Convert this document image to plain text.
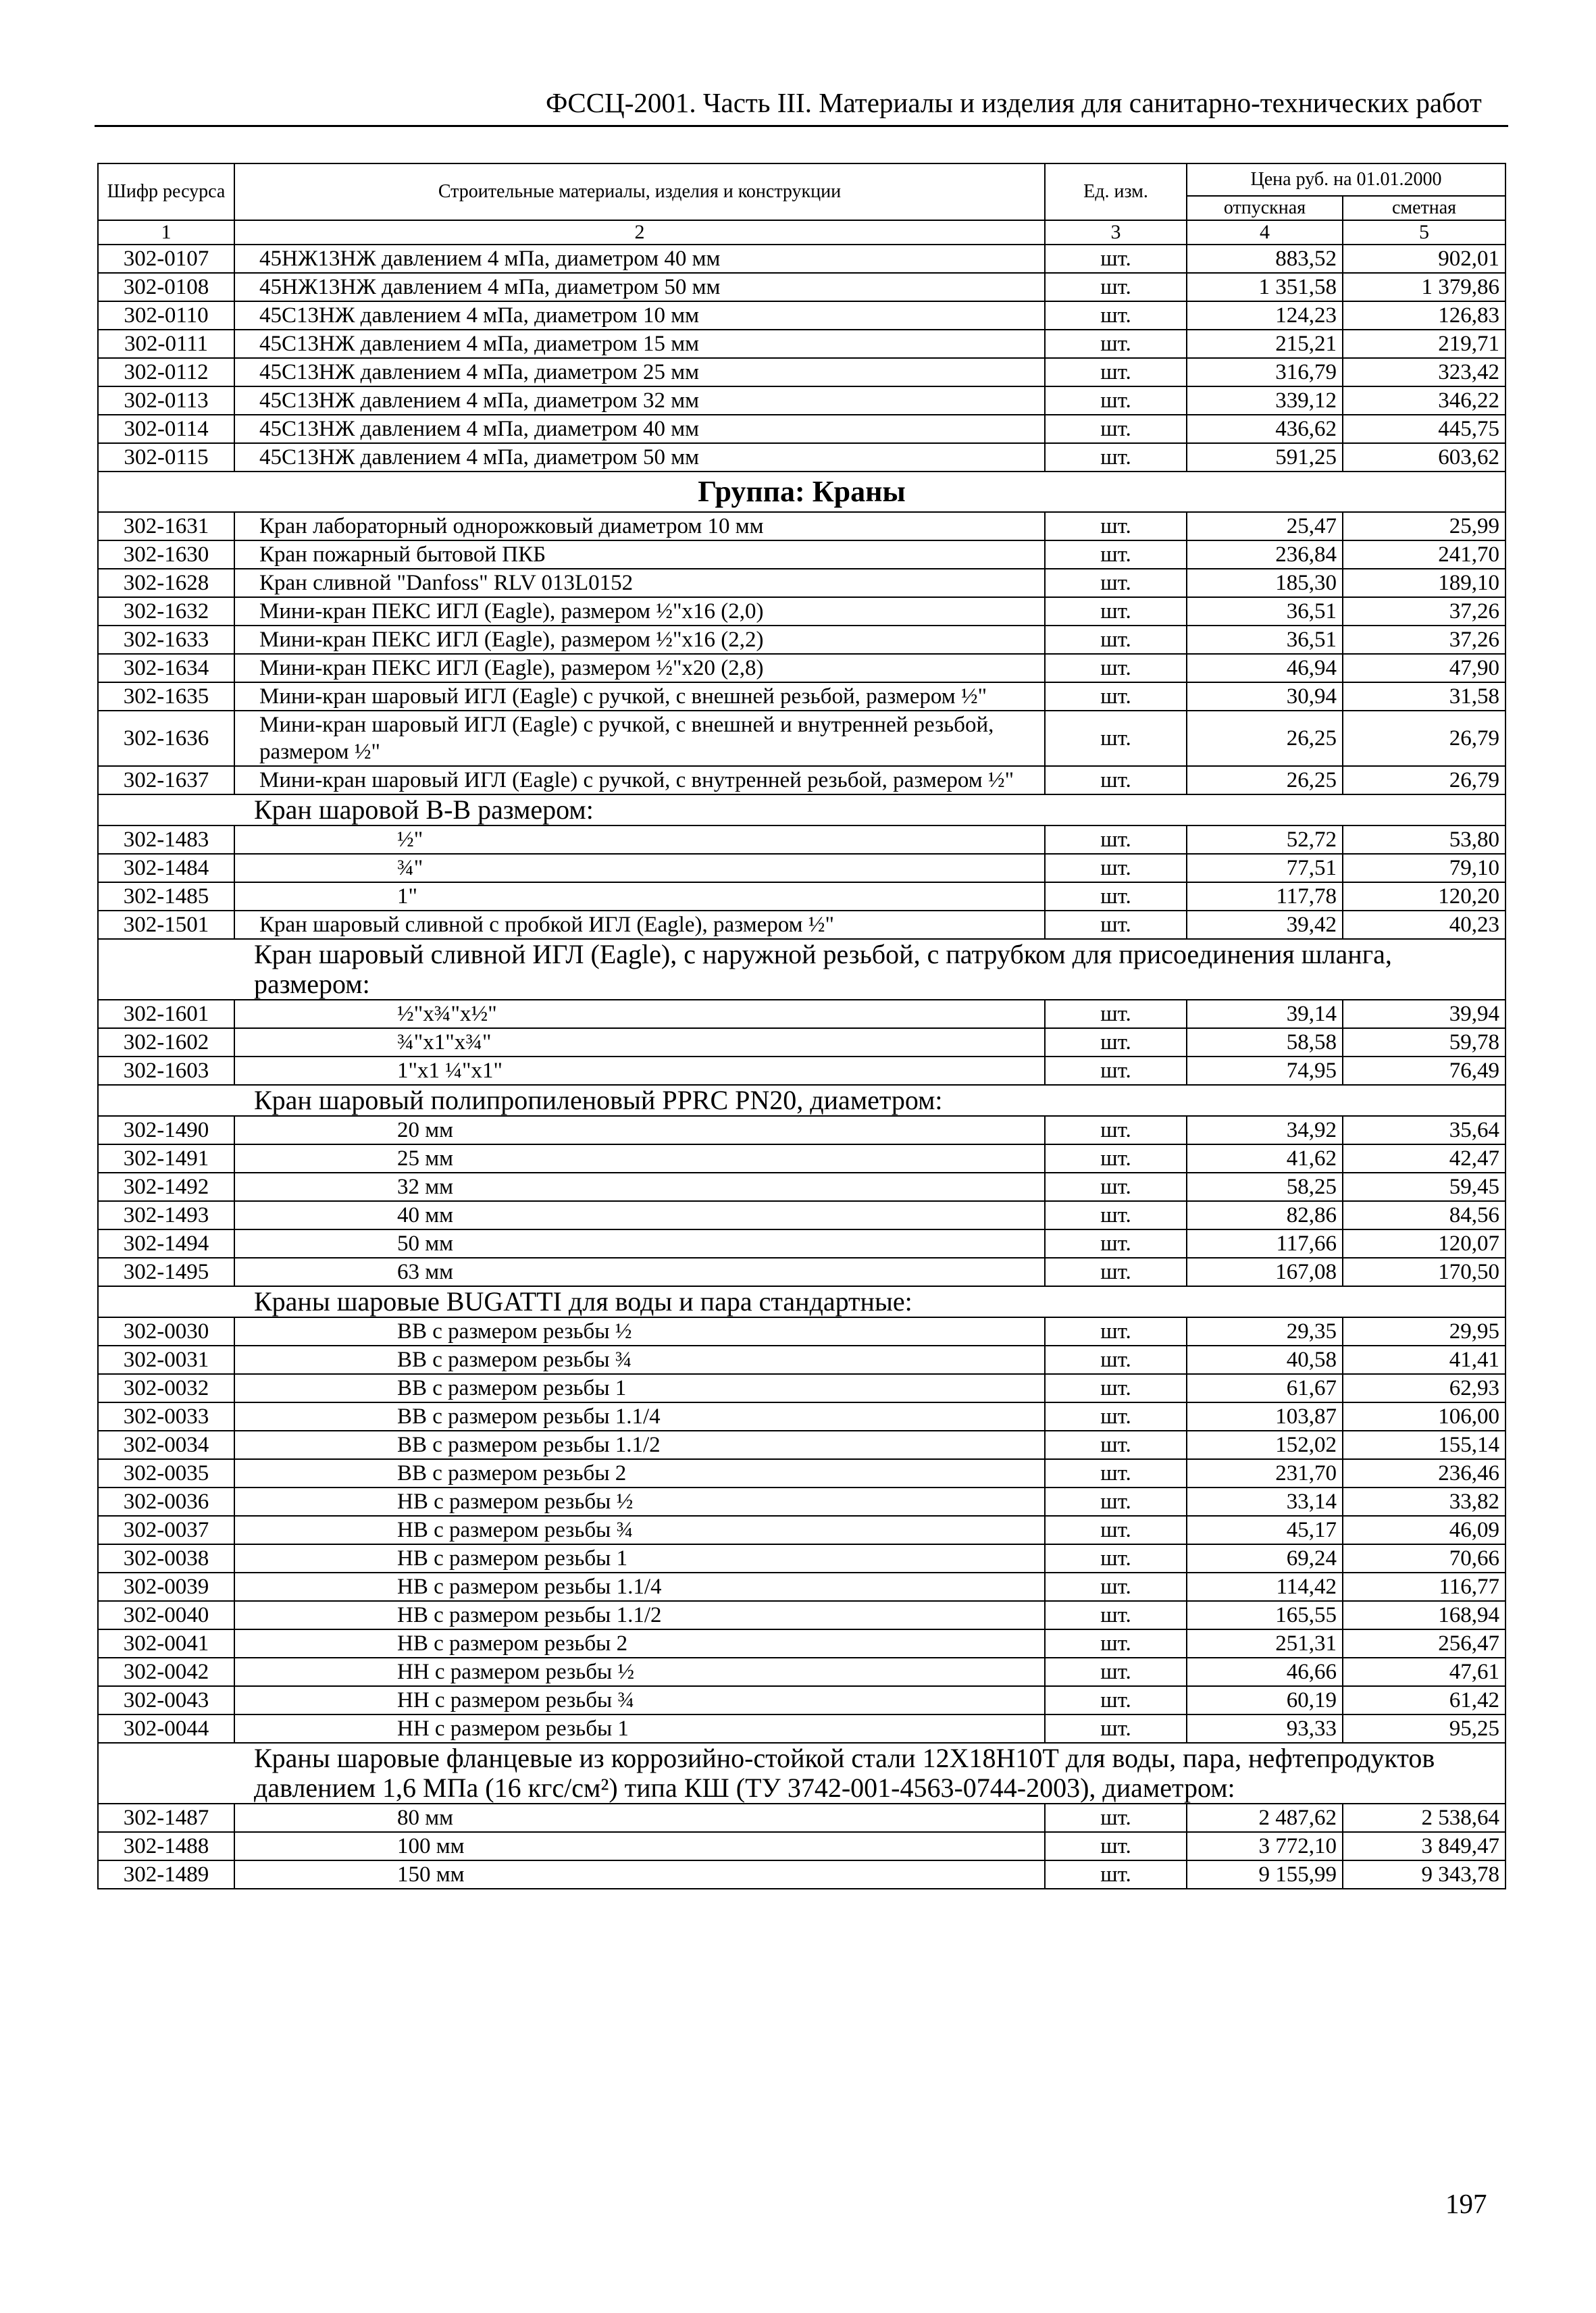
ФССЦ-2001. Часть III. Материалы и изделия для санитарно-технических работ
Шифр ресурса	Строительные материалы, изделия и конструкции	Ед. изм.	Цена руб. на 01.01.2000	
			отпускная	сметная
1	2	3	4	5
302-0107	45НЖ13НЖ давлением 4 мПа, диаметром 40 мм	шт.	883,52	902,01
302-0108	45НЖ13НЖ давлением 4 мПа, диаметром 50 мм	шт.	1 351,58	1 379,86
302-0110	45С13НЖ давлением 4 мПа, диаметром 10 мм	шт.	124,23	126,83
302-0111	45С13НЖ давлением 4 мПа, диаметром 15 мм	шт.	215,21	219,71
302-0112	45С13НЖ давлением 4 мПа, диаметром 25 мм	шт.	316,79	323,42
302-0113	45С13НЖ давлением 4 мПа, диаметром 32 мм	шт.	339,12	346,22
302-0114	45С13НЖ давлением 4 мПа, диаметром 40 мм	шт.	436,62	445,75
302-0115	45С13НЖ давлением 4 мПа, диаметром 50 мм	шт.	591,25	603,62
Группа: Краны				
302-1631	Кран лабораторный однорожковый диаметром 10 мм	шт.	25,47	25,99
302-1630	Кран пожарный бытовой ПКБ	шт.	236,84	241,70
302-1628	Кран сливной "Danfoss" RLV 013L0152	шт.	185,30	189,10
302-1632	Мини-кран ПЕКС ИГЛ (Eagle), размером ½"х16 (2,0)	шт.	36,51	37,26
302-1633	Мини-кран ПЕКС ИГЛ (Eagle), размером ½"х16 (2,2)	шт.	36,51	37,26
302-1634	Мини-кран ПЕКС ИГЛ (Eagle), размером ½"х20 (2,8)	шт.	46,94	47,90
302-1635	Мини-кран шаровый ИГЛ (Eagle) с ручкой, с внешней резьбой, размером ½"	шт.	30,94	31,58
302-1636	Мини-кран шаровый ИГЛ (Eagle) с ручкой, с внешней и внутренней резьбой, размером ½"	шт.	26,25	26,79
302-1637	Мини-кран шаровый ИГЛ (Eagle) с ручкой, с внутренней резьбой, размером ½"	шт.	26,25	26,79
Кран шаровой В-В размером:				
302-1483	½"	шт.	52,72	53,80
302-1484	¾"	шт.	77,51	79,10
302-1485	1"	шт.	117,78	120,20
302-1501	Кран шаровый сливной с пробкой ИГЛ (Eagle), размером ½"	шт.	39,42	40,23
Кран шаровый сливной ИГЛ (Eagle), с наружной резьбой, с патрубком для присоединения шланга, размером:				
302-1601	½"х¾"х½"	шт.	39,14	39,94
302-1602	¾"х1"х¾"	шт.	58,58	59,78
302-1603	1"х1 ¼"х1"	шт.	74,95	76,49
Кран шаровый полипропиленовый PPRC PN20, диаметром:				
302-1490	20 мм	шт.	34,92	35,64
302-1491	25 мм	шт.	41,62	42,47
302-1492	32 мм	шт.	58,25	59,45
302-1493	40 мм	шт.	82,86	84,56
302-1494	50 мм	шт.	117,66	120,07
302-1495	63 мм	шт.	167,08	170,50
Краны шаровые BUGATTI для воды и пара стандартные:				
302-0030	ВВ с размером резьбы ½	шт.	29,35	29,95
302-0031	ВВ с размером резьбы ¾	шт.	40,58	41,41
302-0032	ВВ с размером резьбы 1	шт.	61,67	62,93
302-0033	ВВ с размером резьбы 1.1/4	шт.	103,87	106,00
302-0034	ВВ с размером резьбы 1.1/2	шт.	152,02	155,14
302-0035	ВВ с размером резьбы 2	шт.	231,70	236,46
302-0036	НВ с размером резьбы ½	шт.	33,14	33,82
302-0037	НВ с размером резьбы ¾	шт.	45,17	46,09
302-0038	НВ с размером резьбы 1	шт.	69,24	70,66
302-0039	НВ с размером резьбы 1.1/4	шт.	114,42	116,77
302-0040	НВ с размером резьбы 1.1/2	шт.	165,55	168,94
302-0041	НВ с размером резьбы 2	шт.	251,31	256,47
302-0042	НН с размером резьбы ½	шт.	46,66	47,61
302-0043	НН с размером резьбы ¾	шт.	60,19	61,42
302-0044	НН с размером резьбы 1	шт.	93,33	95,25
Краны шаровые фланцевые из коррозийно-стойкой стали 12Х18Н10Т для воды, пара, нефтепродуктов давлением 1,6 МПа (16 кгс/см²) типа КШ (ТУ 3742-001-4563-0744-2003), диаметром:				
302-1487	80 мм	шт.	2 487,62	2 538,64
302-1488	100 мм	шт.	3 772,10	3 849,47
302-1489	150 мм	шт.	9 155,99	9 343,78
197
